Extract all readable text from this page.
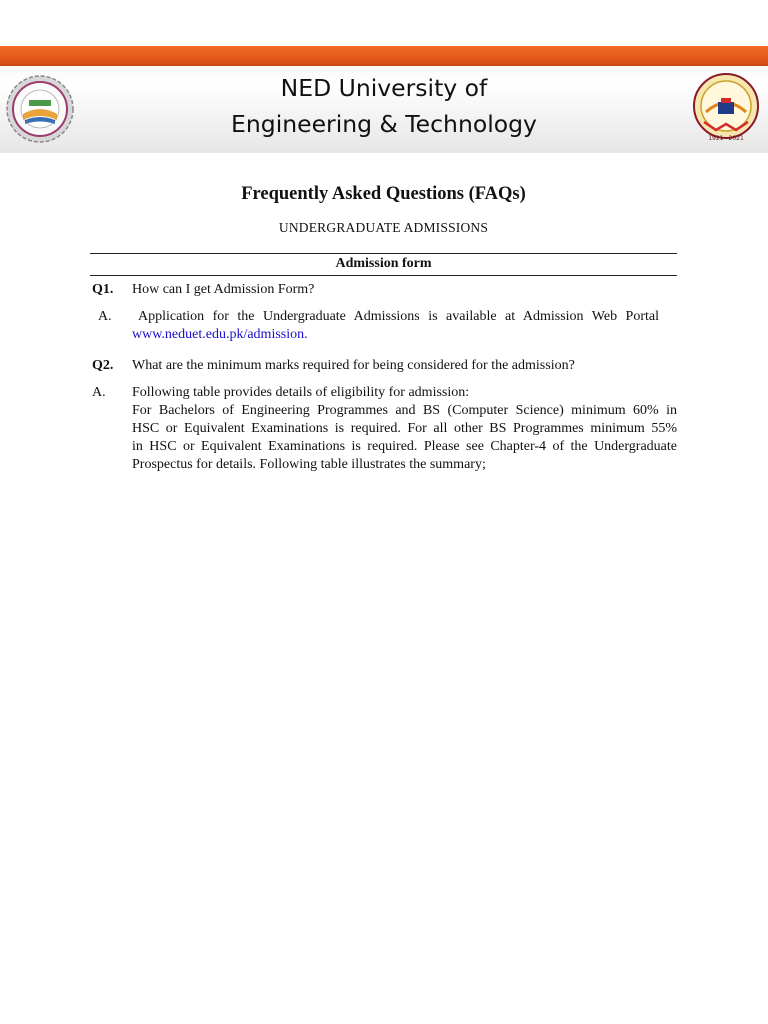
NED University of
Engineering & Technology
1921~2021
Frequently Asked Questions (FAQs)
UNDERGRADUATE ADMISSIONS
Admission form
Q1. How can I get Admission Form?
A. Application for the Undergraduate Admissions is available at Admission Web Portal
www.neduet.edu.pk/admission.
Q2. What are the minimum marks required for being considered for the admission?
A. Following table provides details of eligibility for admission:
For Bachelors of Engineering Programmes and BS (Computer Science) minimum 60% in
HSC or Equivalent Examinations is required. For all other BS Programmes minimum 55%
in HSC or Equivalent Examinations is required. Please see Chapter-4 of the Undergraduate
Prospectus for details. Following table illustrates the summary;
